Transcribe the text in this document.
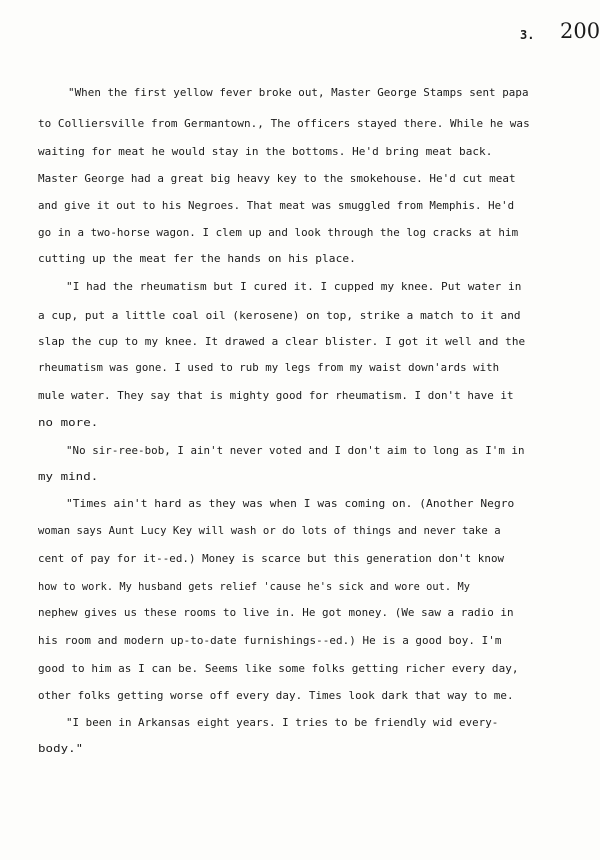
3. 200
"When the first yellow fever broke out, Master George Stamps sent papa
to Colliersville from Germantown., The officers stayed there. While he was
waiting for meat he would stay in the bottoms. He'd bring meat back.
Master George had a great big heavy key to the smokehouse. He'd cut meat
and give it out to his Negroes. That meat was smuggled from Memphis. He'd
go in a two-horse wagon. I clem up and look through the log cracks at him
cutting up the meat fer the hands on his place.
"I had the rheumatism but I cured it. I cupped my knee. Put water in
a cup, put a little coal oil (kerosene) on top, strike a match to it and
slap the cup to my knee. It drawed a clear blister. I got it well and the
rheumatism was gone. I used to rub my legs from my waist down'ards with
mule water. They say that is mighty good for rheumatism. I don't have it
no more.
"No sir-ree-bob, I ain't never voted and I don't aim to long as I'm in
my mind.
"Times ain't hard as they was when I was coming on. (Another Negro
woman says Aunt Lucy Key will wash or do lots of things and never take a
cent of pay for it--ed.) Money is scarce but this generation don't know
how to work. My husband gets relief 'cause he's sick and wore out. My
nephew gives us these rooms to live in. He got money. (We saw a radio in
his room and modern up-to-date furnishings--ed.) He is a good boy. I'm
good to him as I can be. Seems like some folks getting richer every day,
other folks getting worse off every day. Times look dark that way to me.
"I been in Arkansas eight years. I tries to be friendly wid every-
body."
